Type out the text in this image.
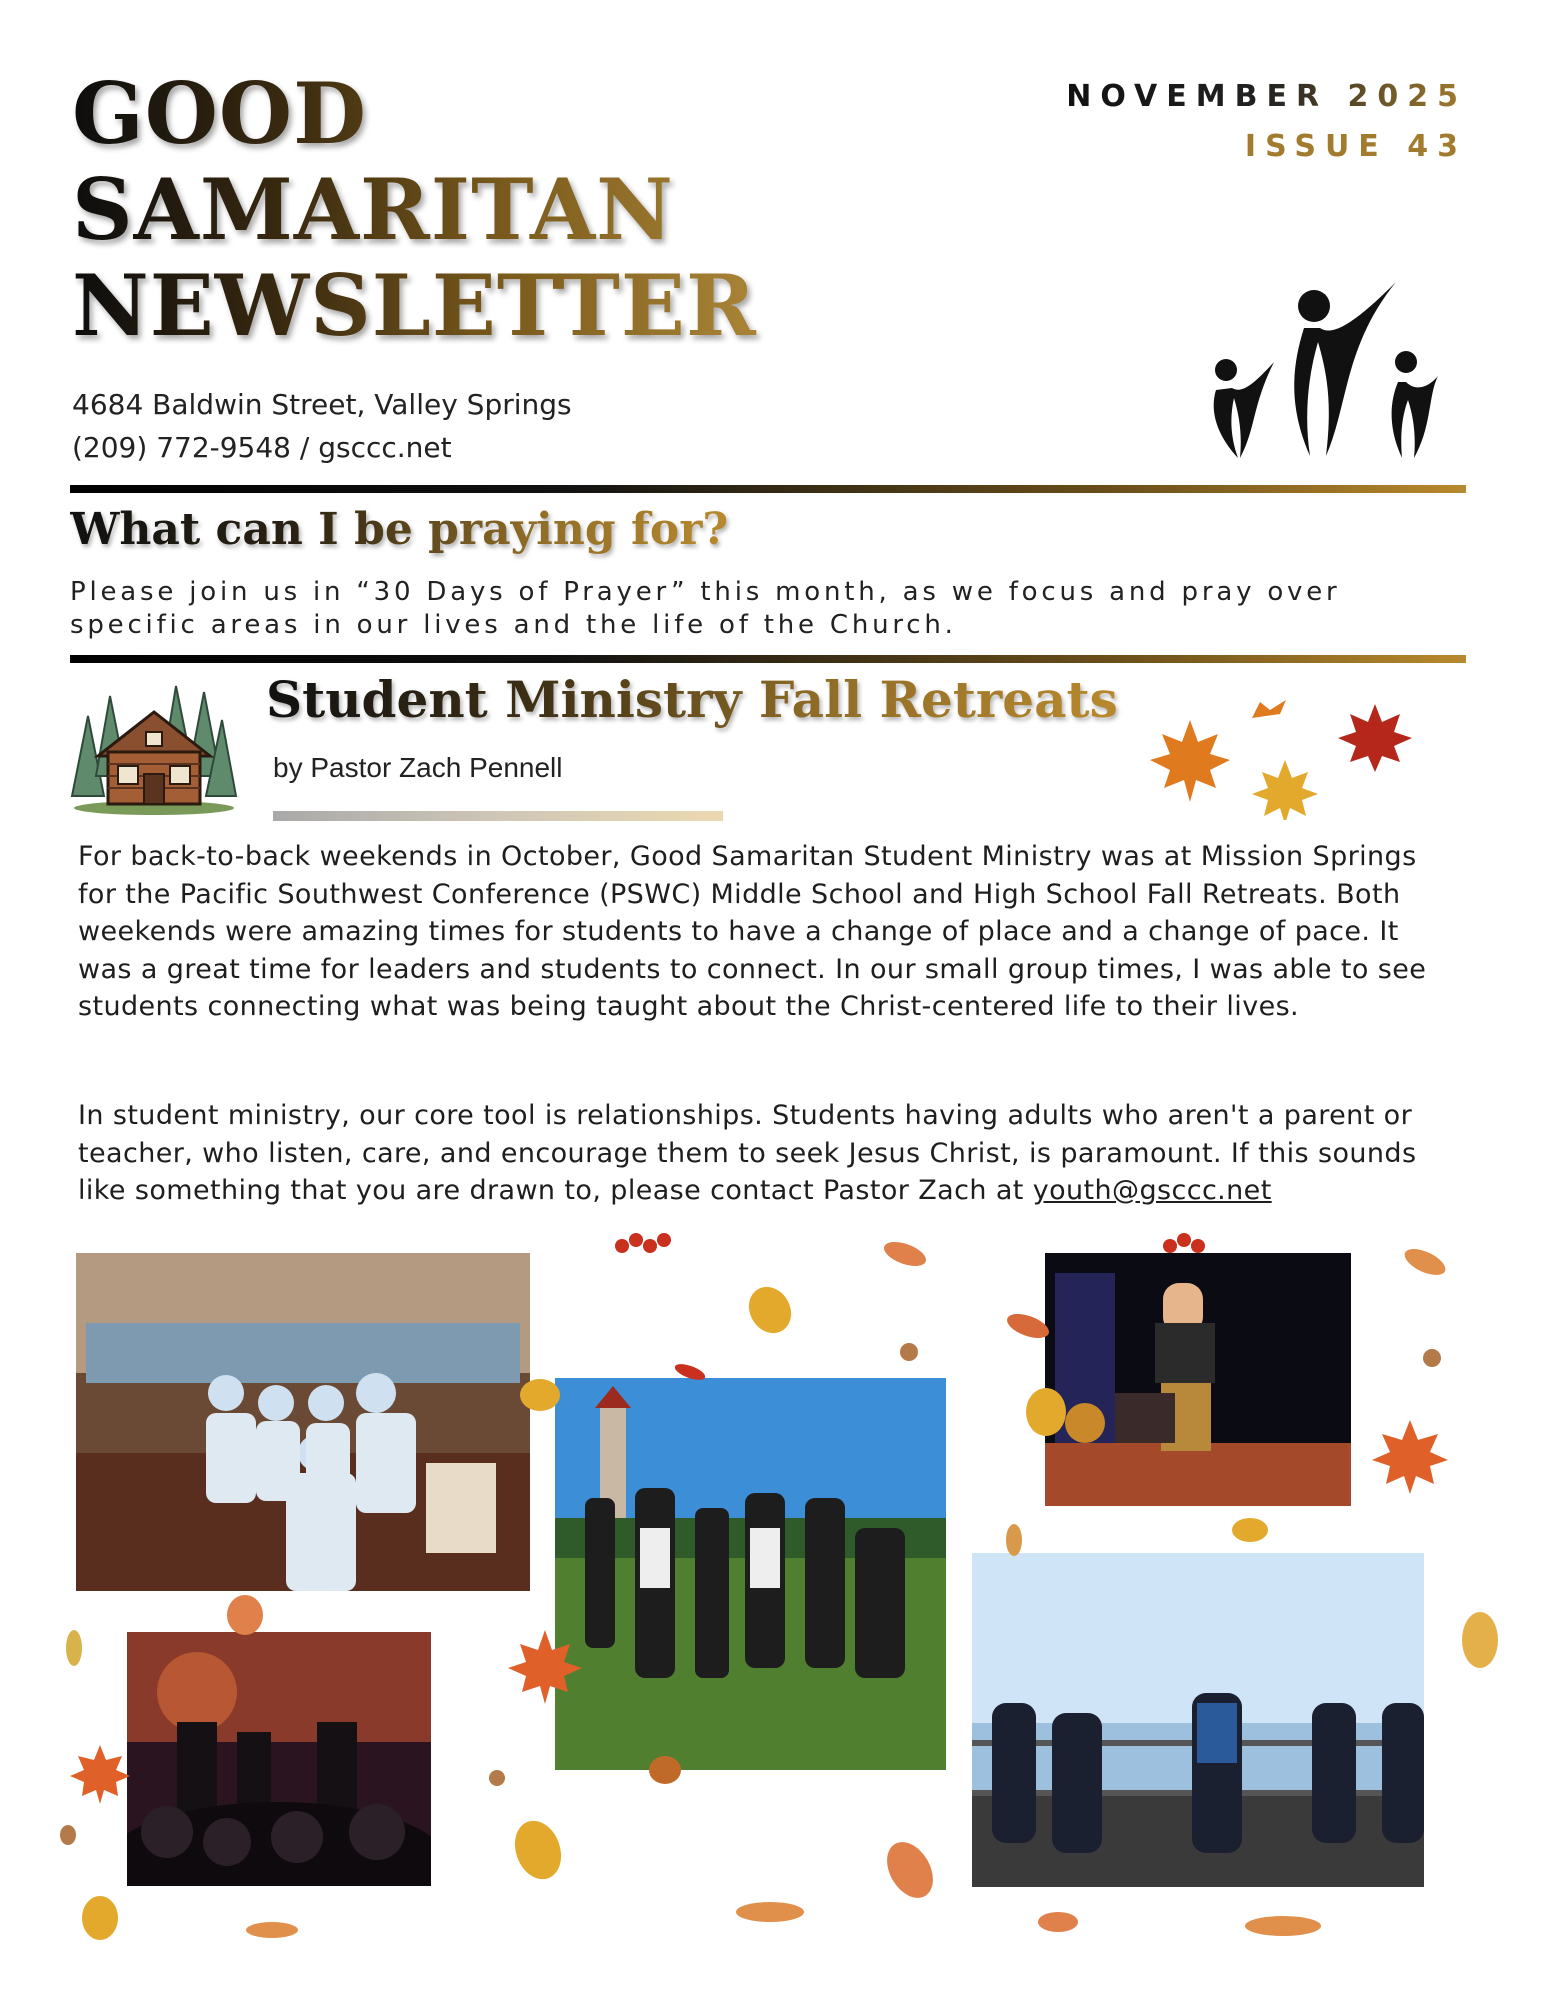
GOOD
SAMARITAN
NEWSLETTER
NOVEMBER 2025
ISSUE 43
4684 Baldwin Street, Valley Springs
(209) 772-9548 / gsccc.net
What can I be praying for?
Please join us in “30 Days of Prayer” this month, as we focus and pray over specific areas in our lives and the life of the Church.
Student Ministry Fall Retreats
by Pastor Zach Pennell
For back-to-back weekends in October, Good Samaritan Student Ministry was at Mission Springs for the Pacific Southwest Conference (PSWC) Middle School and High School Fall Retreats. Both weekends were amazing times for students to have a change of place and a change of pace. It was a great time for leaders and students to connect. In our small group times, I was able to see students connecting what was being taught about the Christ-centered life to their lives.
In student ministry, our core tool is relationships. Students having adults who aren't a parent or teacher, who listen, care, and encourage them to seek Jesus Christ, is paramount. If this sounds like something that you are drawn to, please contact Pastor Zach at youth@gsccc.net
